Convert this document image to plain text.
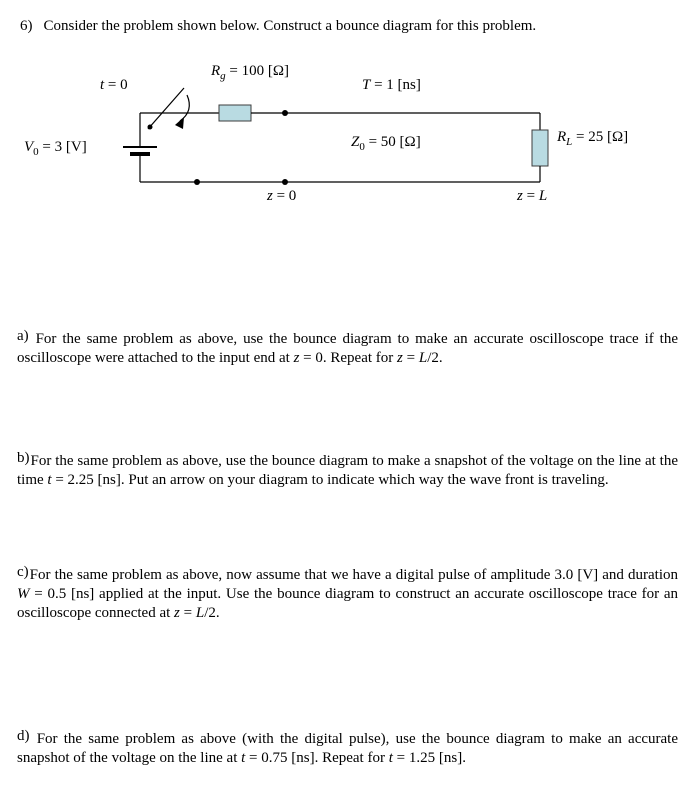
6) Consider the problem shown below. Construct a bounce diagram for this problem.
t = 0
$R_g = 100$ [Ω]
T = 1 [ns]
$V_0 = 3$ [V]	$Z_0 = 50$ [Ω]	$R_L = 25$ [Ω]
z = 0	z = L
a) For the same problem as above, use the bounce diagram to make an accurate oscilloscope trace if the oscilloscope were attached to the input end at z = 0. Repeat for z = L/2.
b)For the same problem as above, use the bounce diagram to make a snapshot of the voltage on the line at the time t = 2.25 [ns]. Put an arrow on your diagram to indicate which way the wave front is traveling.
c)For the same problem as above, now assume that we have a digital pulse of amplitude 3.0 [V] and duration W = 0.5 [ns] applied at the input. Use the bounce diagram to construct an accurate oscilloscope trace for an oscilloscope connected at z = L/2.
d) For the same problem as above (with the digital pulse), use the bounce diagram to make an accurate snapshot of the voltage on the line at t = 0.75 [ns]. Repeat for t = 1.25 [ns].
